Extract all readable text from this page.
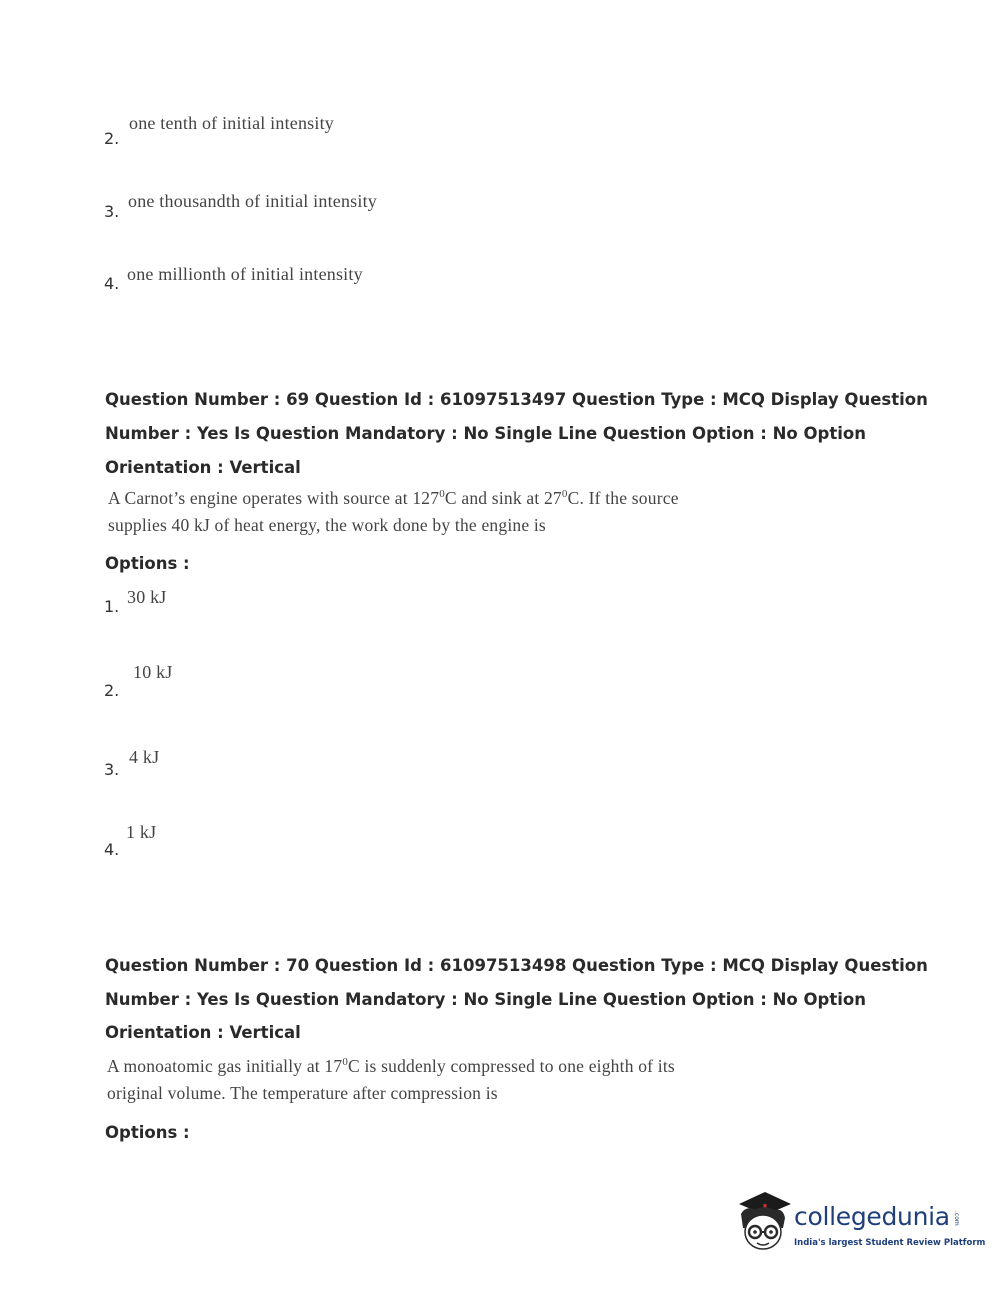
2.
one tenth of initial intensity
3.
one thousandth of initial intensity
4. one millionth of initial intensity
Question Number : 69 Question Id : 61097513497 Question Type : MCQ Display Question
Number : Yes Is Question Mandatory : No Single Line Question Option : No Option
Orientation : Vertical
A Carnot’s engine operates with source at $127^0C$ and sink at $27^0C$. If the source
supplies 40 kJ of heat energy, the work done by the engine is
Options :
1. 30 kJ
2.
10 kJ
3.
4 kJ
4.
1 kJ
Question Number : 70 Question Id : 61097513498 Question Type : MCQ Display Question
Number : Yes Is Question Mandatory : No Single Line Question Option : No Option
Orientation : Vertical
A monoatomic gas initially at $17^0C$ is suddenly compressed to one eighth of its
original volume. The temperature after compression is
Options :
collegedunia .com
India's largest Student Review Platform
